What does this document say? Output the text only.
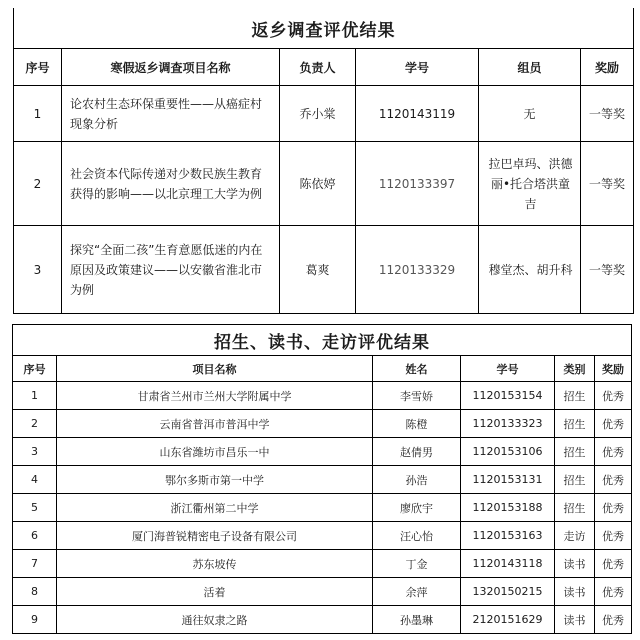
返乡调查评优结果					
序号	寒假返乡调查项目名称	负责人	学号	组员	奖励
1	论农村生态环保重要性——从癌症村现象分析	乔小棠	1120143119	无	一等奖
2	社会资本代际传递对少数民族生教育获得的影响——以北京理工大学为例	陈依婷	1120133397	拉巴卓玛、洪德丽•托合塔洪童吉	一等奖
3	探究“全面二孩”生育意愿低迷的内在原因及政策建议——以安徽省淮北市为例	葛爽	1120133329	穆堂杰、胡升科	一等奖
招生、读书、走访评优结果					
序号	项目名称	姓名	学号	类别	奖励
1	甘肃省兰州市兰州大学附属中学	李雪娇	1120153154	招生	优秀
2	云南省普洱市普洱中学	陈橙	1120133323	招生	优秀
3	山东省潍坊市昌乐一中	赵倩男	1120153106	招生	优秀
4	鄂尔多斯市第一中学	孙浩	1120153131	招生	优秀
5	浙江衢州第二中学	廖欣宇	1120153188	招生	优秀
6	厦门海普锐精密电子设备有限公司	汪心怡	1120153163	走访	优秀
7	苏东坡传	丁金	1120143118	读书	优秀
8	活着	余萍	1320150215	读书	优秀
9	通往奴隶之路	孙墨琳	2120151629	读书	优秀
